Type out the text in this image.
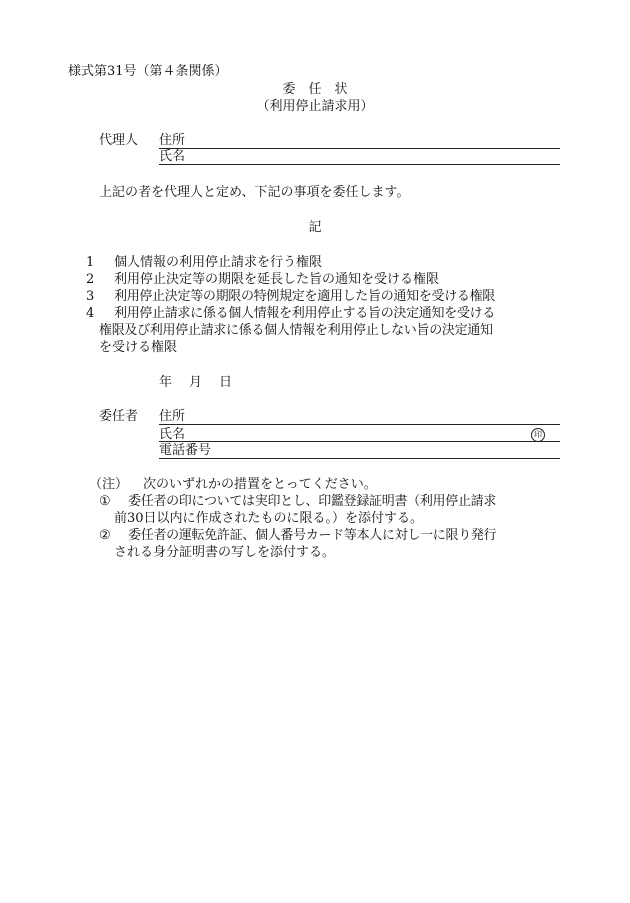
様式第31号（第４条関係）
委　任　状
（利用停止請求用）
代理人 住所
氏名
上記の者を代理人と定め、下記の事項を委任します。
記
1 個人情報の利用停止請求を行う権限
2 利用停止決定等の期限を延長した旨の通知を受ける権限
3 利用停止決定等の期限の特例規定を適用した旨の通知を受ける権限
4 利用停止請求に係る個人情報を利用停止する旨の決定通知を受ける
権限及び利用停止請求に係る個人情報を利用停止しない旨の決定通知
を受ける権限
年 月 日
委任者 住所
氏名	印
電話番号
（注） 次のいずれかの措置をとってください。
① 委任者の印については実印とし、印鑑登録証明書（利用停止請求
前30日以内に作成されたものに限る。）を添付する。
② 委任者の運転免許証、個人番号カード等本人に対し一に限り発行
される身分証明書の写しを添付する。
